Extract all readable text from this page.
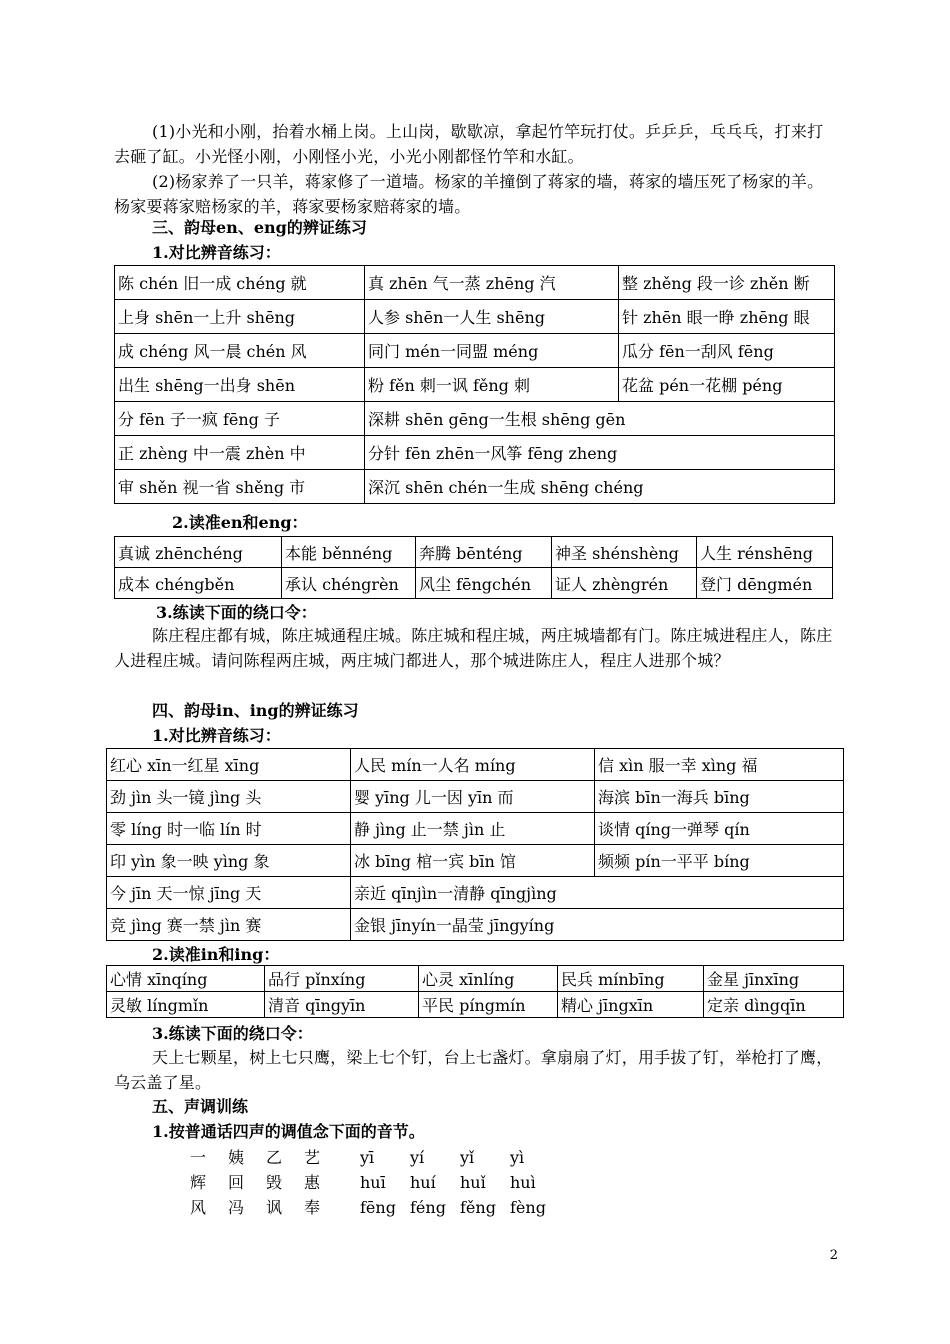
(1)小光和小刚，抬着水桶上岗。上山岗，歇歇凉，拿起竹竿玩打仗。乒乒乒，乓乓乓，打来打去砸了缸。小光怪小刚，小刚怪小光，小光小刚都怪竹竿和水缸。

(2)杨家养了一只羊，蒋家修了一道墙。杨家的羊撞倒了蒋家的墙，蒋家的墙压死了杨家的羊。杨家要蒋家赔杨家的羊，蒋家要杨家赔蒋家的墙。

三、韵母en、eng的辨证练习

1.对比辨音练习：

陈 chén 旧一成 chéng 就	真 zhēn 气一蒸 zhēng 汽	整 zhěng 段一诊 zhěn 断
上身 shēn一上升 shēng	人参 shēn一人生 shēng	针 zhēn 眼一睁 zhēng 眼
成 chéng 风一晨 chén 风	同门 mén一同盟 méng	瓜分 fēn一刮风 fēng
出生 shēng一出身 shēn	粉 fěn 刺一讽 fěng 刺	花盆 pén一花棚 péng
分 fēn 子一疯 fēng 子	深耕 shēn gēng一生根 shēng gēn	
正 zhèng 中一震 zhèn 中	分针 fēn zhēn一风筝 fēng zheng	
审 shěn 视一省 shěng 市	深沉 shēn chén一生成 shēng chéng	

2.读准en和eng：

真诚 zhēnchéng	本能 běnnéng	奔腾 bēnténg	神圣 shénshèng	人生 rénshēng
成本 chéngběn	承认 chéngrèn	风尘 fēngchén	证人 zhèngrén	登门 dēngmén

3.练读下面的绕口令：

陈庄程庄都有城，陈庄城通程庄城。陈庄城和程庄城，两庄城墙都有门。陈庄城进程庄人，陈庄人进程庄城。请问陈程两庄城，两庄城门都进人，那个城进陈庄人，程庄人进那个城？

四、韵母in、ing的辨证练习

1.对比辨音练习：

红心 xīn一红星 xīng	人民 mín一人名 míng	信 xìn 服一幸 xìng 福
劲 jìn 头一镜 jìng 头	婴 yīng 儿一因 yīn 而	海滨 bīn一海兵 bīng
零 líng 时一临 lín 时	静 jìng 止一禁 jìn 止	谈情 qíng一弹琴 qín
印 yìn 象一映 yìng 象	冰 bīng 棺一宾 bīn 馆	频频 pín一平平 bíng
今 jīn 天一惊 jīng 天	亲近 qīnjìn一清静 qīngjìng	
竞 jìng 赛一禁 jìn 赛	金银 jīnyín一晶莹 jīngyíng	

2.读准in和ing：

心情 xīnqíng	品行 pǐnxíng	心灵 xīnlíng	民兵 mínbīng	金星 jīnxīng
灵敏 língmǐn	清音 qīngyīn	平民 píngmín	精心 jīngxīn	定亲 dìngqīn

3.练读下面的绕口令：

天上七颗星，树上七只鹰，梁上七个钉，台上七盏灯。拿扇扇了灯，用手拔了钉，举枪打了鹰，乌云盖了星。

五、声调训练

1.按普通话四声的调值念下面的音节。

一 姨 乙 艺 yī yí yǐ yì
辉 回 毁 惠 huī huí huǐ huì
风 冯 讽 奉 fēng féng fěng fèng
2
